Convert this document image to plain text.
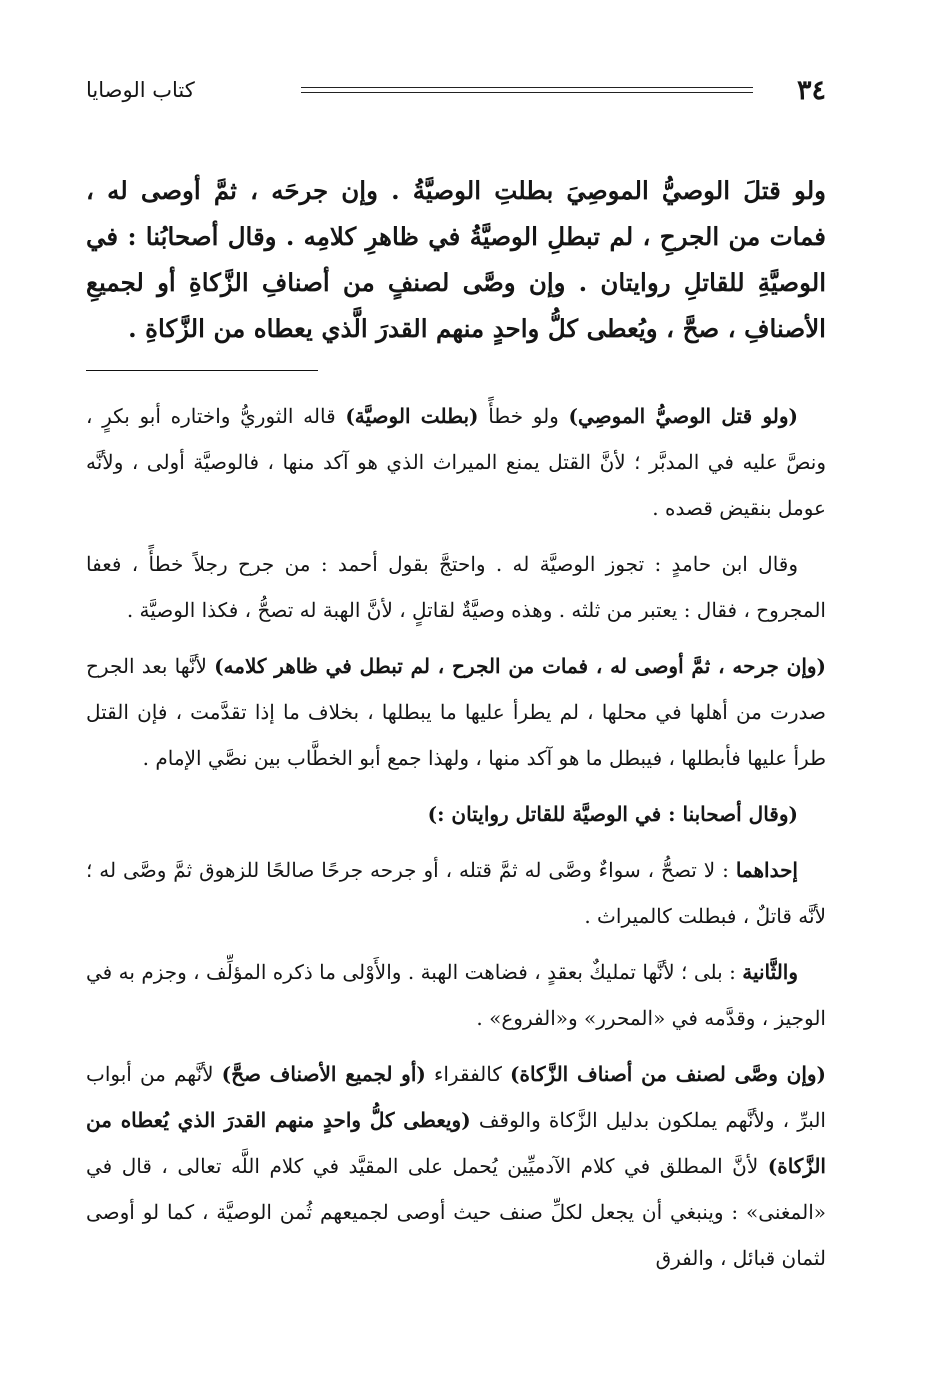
٣٤
كتاب الوصايا

ولو قتلَ الوصيُّ الموصِيَ بطلتِ الوصيَّةُ . وإن جرحَه ، ثمَّ أوصى له ، فمات من الجرحِ ، لم تبطلِ الوصيَّةُ في ظاهرِ كلامِه . وقال أصحابُنا : في الوصيَّةِ للقاتلِ روايتان . وإن وصَّى لصنفٍ من أصنافِ الزَّكاةِ أو لجميعِ الأصنافِ ، صحَّ ، ويُعطى كلُّ واحدٍ منهم القدرَ الَّذي يعطاه من الزَّكاةِ .

(ولو قتل الوصيُّ الموصِي) ولو خطأً (بطلت الوصيَّة) قاله الثوريُّ واختاره أبو بكرٍ ، ونصَّ عليه في المدبَّر ؛ لأنَّ القتل يمنع الميراث الذي هو آكد منها ، فالوصيَّة أولى ، ولأنَّه عومل بنقيض قصده .

وقال ابن حامدٍ : تجوز الوصيَّة له . واحتجَّ بقول أحمد : من جرح رجلاً خطأً ، فعفا المجروح ، فقال : يعتبر من ثلثه . وهذه وصيَّةٌ لقاتلٍ ، لأنَّ الهبة له تصحُّ ، فكذا الوصيَّة .

(وإن جرحه ، ثمَّ أوصى له ، فمات من الجرح ، لم تبطل في ظاهر كلامه) لأنَّها بعد الجرح صدرت من أهلها في محلها ، لم يطرأ عليها ما يبطلها ، بخلاف ما إذا تقدَّمت ، فإن القتل طرأ عليها فأبطلها ، فيبطل ما هو آكد منها ، ولهذا جمع أبو الخطَّاب بين نصَّي الإمام .

(وقال أصحابنا : في الوصيَّة للقاتل روايتان :)

إحداهما : لا تصحُّ ، سواءٌ وصَّى له ثمَّ قتله ، أو جرحه جرحًا صالحًا للزهوق ثمَّ وصَّى له ؛ لأنَّه قاتلٌ ، فبطلت كالميراث .

والثَّانية : بلى ؛ لأنَّها تمليكٌ بعقدٍ ، فضاهت الهبة . والأَوْلى ما ذكره المؤلِّف ، وجزم به في الوجيز ، وقدَّمه في «المحرر» و«الفروع» .

(وإن وصَّى لصنف من أصناف الزَّكاة) كالفقراء (أو لجميع الأصناف صحَّ) لأنَّهم من أبواب البرِّ ، ولأنَّهم يملكون بدليل الزَّكاة والوقف (ويعطى كلُّ واحدٍ منهم القدرَ الذي يُعطاه من الزَّكاة) لأنَّ المطلق في كلام الآدميِّين يُحمل على المقيَّد في كلام اللَّه تعالى ، قال في «المغنى» : وينبغي أن يجعل لكلِّ صنف حيث أوصى لجميعهم ثُمن الوصيَّة ، كما لو أوصى لثمان قبائل ، والفرق
